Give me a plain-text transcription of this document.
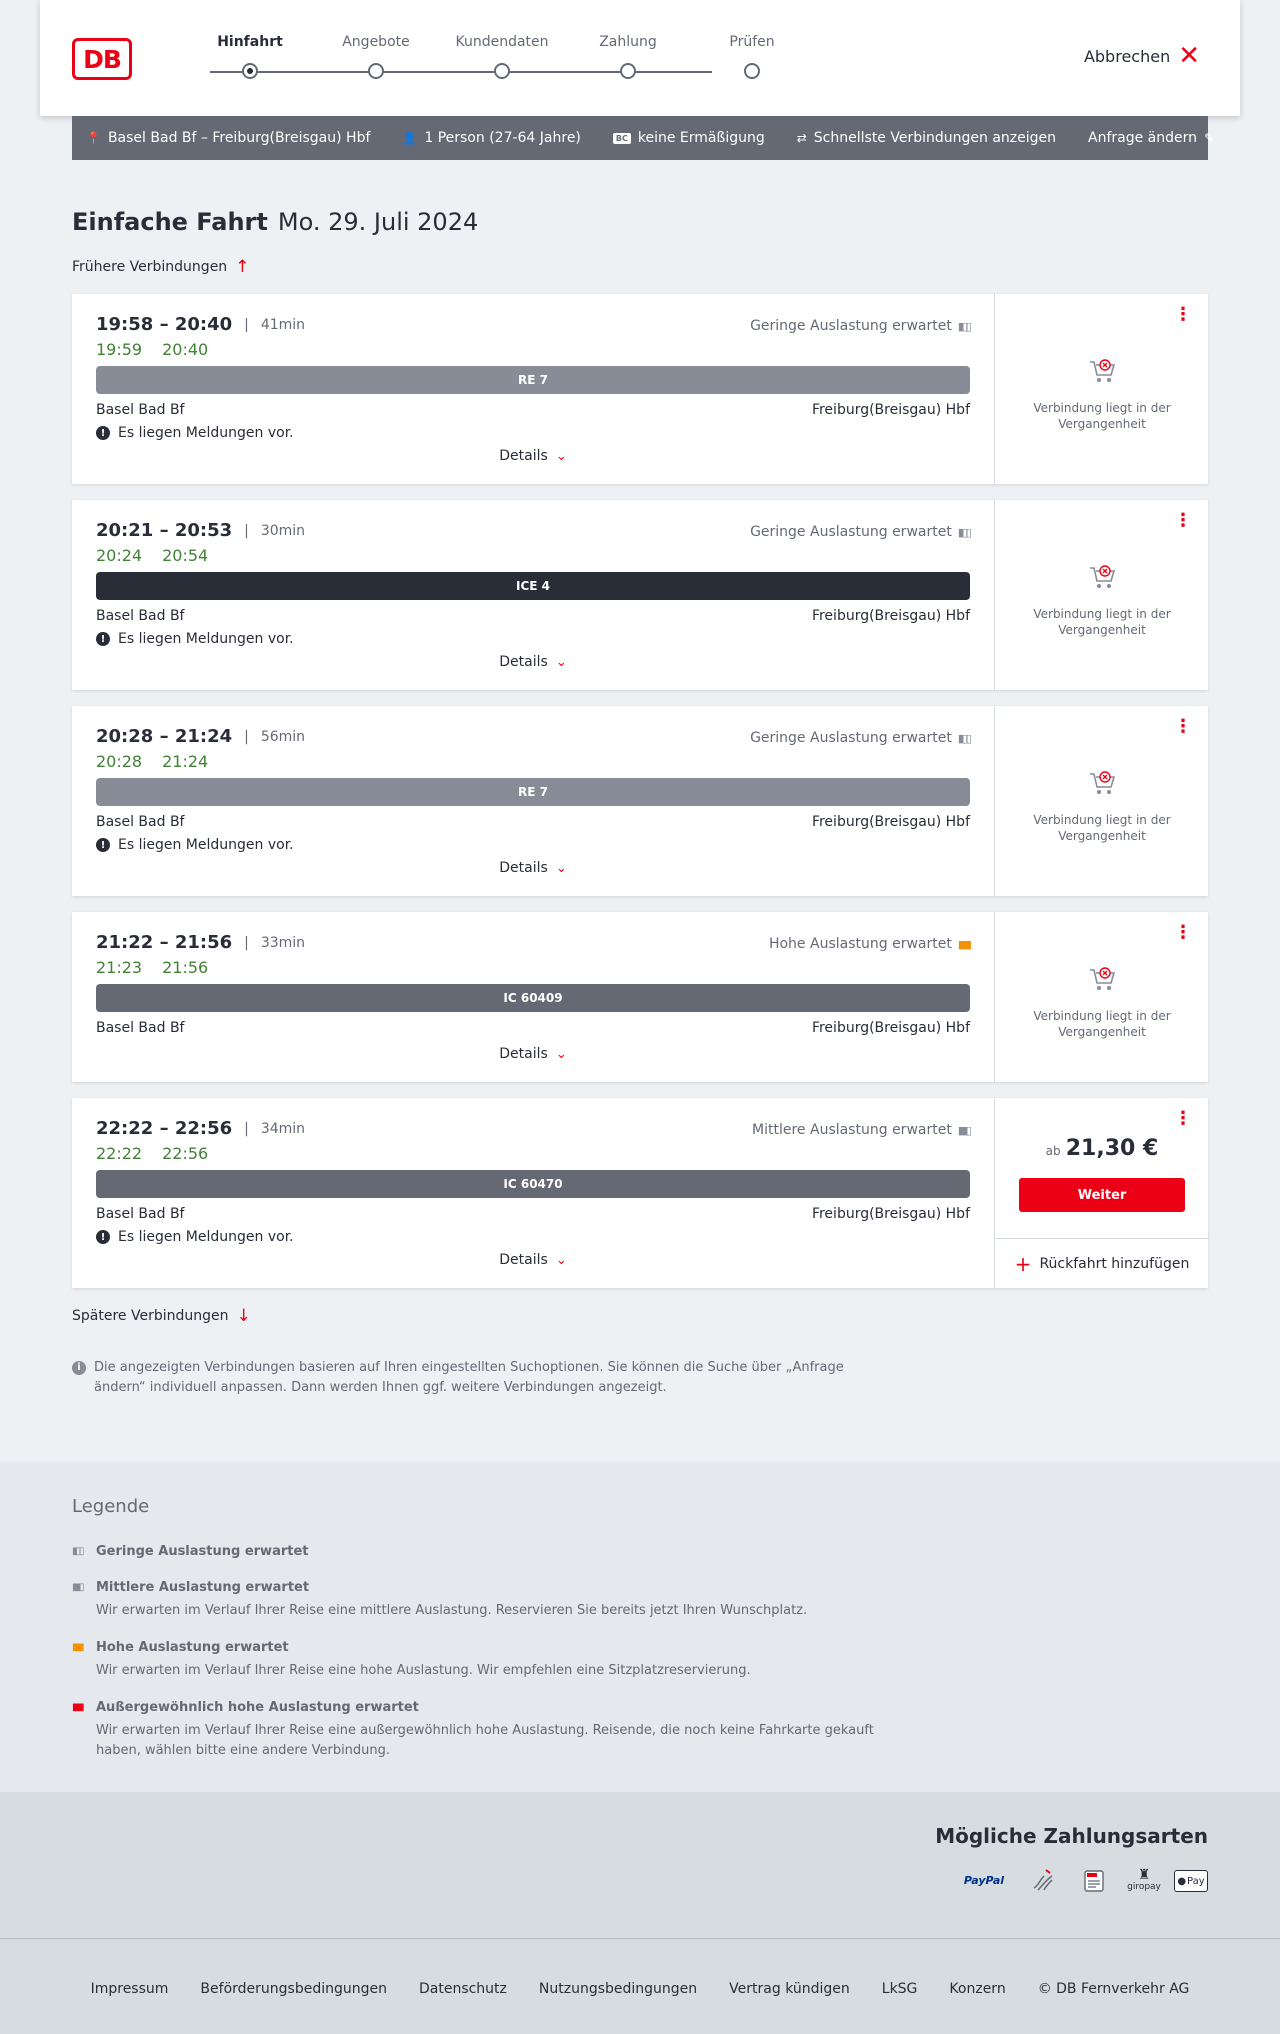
DB
Hinfahrt	Angebote	Kundendaten	Zahlung	Prüfen
Abbrechen ✕
📍 Basel Bad Bf – Freiburg(Breisgau) Hbf	👤 1 Person (27-64 Jahre)	BC keine Ermäßigung	⇄ Schnellste Verbindungen anzeigen Anfrage ändern ✎
Einfache Fahrt Mo. 29. Juli 2024
Frühere Verbindungen ↑
19:58 – 20:40 | 41min
19:59 20:40
Geringe Auslastung erwartet ▮▯▯
RE 7
Basel Bad Bf	Freiburg(Breisgau) Hbf
! Es liegen Meldungen vor.
Details ⌄
⋮
Verbindung liegt in der Vergangenheit
20:21 – 20:53 | 30min
20:24 20:54
Geringe Auslastung erwartet ▮▯▯
ICE 4
Basel Bad Bf	Freiburg(Breisgau) Hbf
! Es liegen Meldungen vor.
Details ⌄
⋮
Verbindung liegt in der Vergangenheit
20:28 – 21:24 | 56min
20:28 21:24
Geringe Auslastung erwartet ▮▯▯
RE 7
Basel Bad Bf	Freiburg(Breisgau) Hbf
! Es liegen Meldungen vor.
Details ⌄
⋮
Verbindung liegt in der Vergangenheit
21:22 – 21:56 | 33min
21:23 21:56
Hohe Auslastung erwartet ▮▮▮
IC 60409
Basel Bad Bf	Freiburg(Breisgau) Hbf
Details ⌄
⋮
Verbindung liegt in der Vergangenheit
22:22 – 22:56 | 34min
22:22 22:56
Mittlere Auslastung erwartet ▮▮▯
IC 60470
Basel Bad Bf	Freiburg(Breisgau) Hbf
! Es liegen Meldungen vor.
Details ⌄
⋮
ab 21,30 €
Weiter
+ Rückfahrt hinzufügen
Spätere Verbindungen ↓
i	Die angezeigten Verbindungen basieren auf Ihren eingestellten Suchoptionen. Sie können die Suche über „Anfrage ändern“ individuell anpassen. Dann werden Ihnen ggf. weitere Verbindungen angezeigt.
Legende
▮▯▯	Geringe Auslastung erwartet
▮▮▯	Mittlere Auslastung erwartet
Wir erwarten im Verlauf Ihrer Reise eine mittlere Auslastung. Reservieren Sie bereits jetzt Ihren Wunschplatz.
▮▮▮	Hohe Auslastung erwartet
Wir erwarten im Verlauf Ihrer Reise eine hohe Auslastung. Wir empfehlen eine Sitzplatzreservierung.
▮▮▮	Außergewöhnlich hohe Auslastung erwartet
Wir erwarten im Verlauf Ihrer Reise eine außergewöhnlich hohe Auslastung. Reisende, die noch keine Fahrkarte gekauft haben, wählen bitte eine andere Verbindung.
Mögliche Zahlungsarten
PayPal	♜
giropay
● Pay
Impressum Beförderungsbedingungen Datenschutz Nutzungsbedingungen Vertrag kündigen LkSG Konzern © DB Fernverkehr AG
